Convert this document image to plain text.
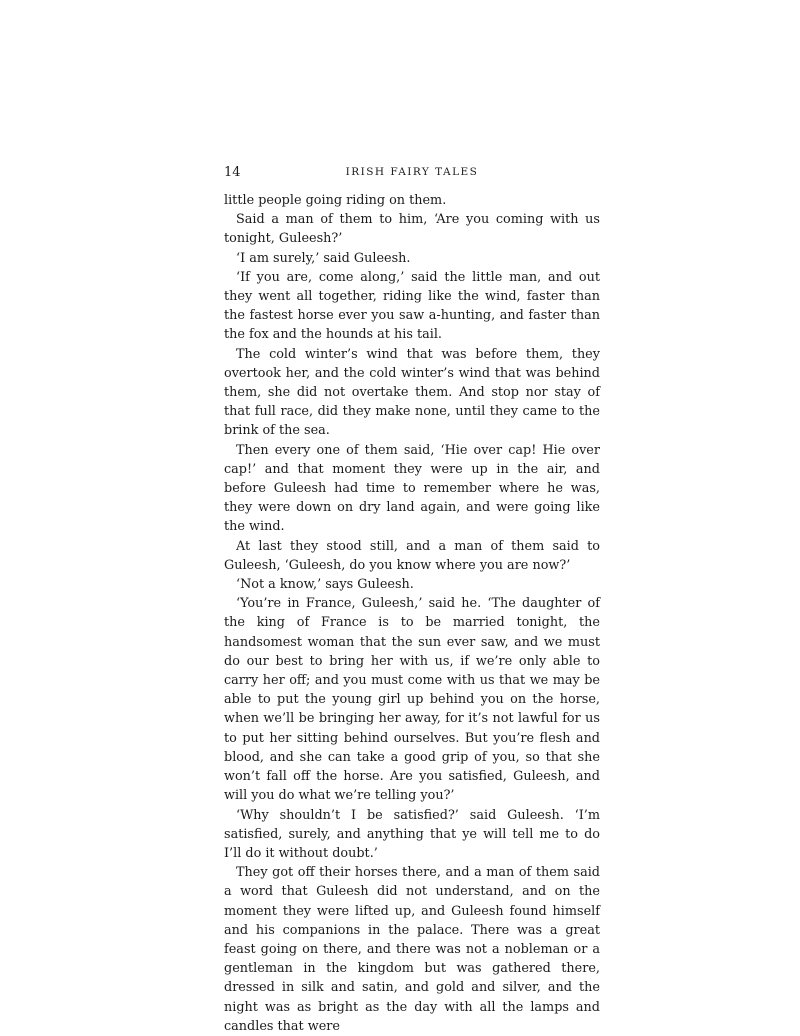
14	IRISH FAIRY TALES

little people going riding on them.

Said a man of them to him, ‘Are you coming with us tonight, Guleesh?’

‘I am surely,’ said Guleesh.

‘If you are, come along,’ said the little man, and out they went all together, riding like the wind, faster than the fastest horse ever you saw a-hunting, and faster than the fox and the hounds at his tail.

The cold winter’s wind that was before them, they overtook her, and the cold winter’s wind that was behind them, she did not overtake them. And stop nor stay of that full race, did they make none, until they came to the brink of the sea.

Then every one of them said, ‘Hie over cap! Hie over cap!’ and that moment they were up in the air, and before Guleesh had time to remember where he was, they were down on dry land again, and were going like the wind.

At last they stood still, and a man of them said to Guleesh, ‘Guleesh, do you know where you are now?’

‘Not a know,’ says Guleesh.

‘You’re in France, Guleesh,’ said he. ‘The daughter of the king of France is to be married tonight, the handsomest woman that the sun ever saw, and we must do our best to bring her with us, if we’re only able to carry her off; and you must come with us that we may be able to put the young girl up behind you on the horse, when we’ll be bringing her away, for it’s not lawful for us to put her sitting behind ourselves. But you’re flesh and blood, and she can take a good grip of you, so that she won’t fall off the horse. Are you satisfied, Guleesh, and will you do what we’re telling you?’

‘Why shouldn’t I be satisfied?’ said Guleesh. ‘I’m satisfied, surely, and anything that ye will tell me to do I’ll do it without doubt.’

They got off their horses there, and a man of them said a word that Guleesh did not understand, and on the moment they were lifted up, and Guleesh found himself and his companions in the palace. There was a great feast going on there, and there was not a nobleman or a gentleman in the kingdom but was gathered there, dressed in silk and satin, and gold and silver, and the night was as bright as the day with all the lamps and candles that were
